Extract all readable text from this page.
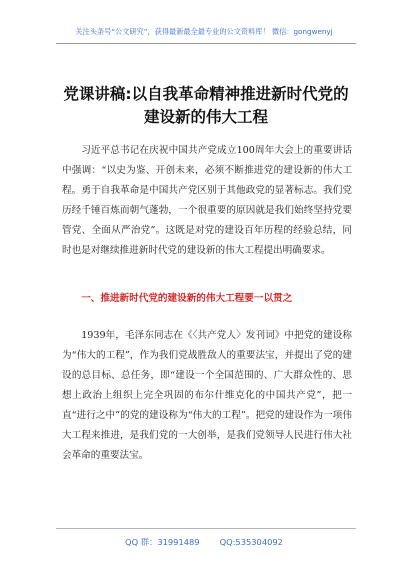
关注头条号“公文研究”，获得最新最全最专业的公文资料库！ 微信：gongwenyj
党课讲稿:以自我革命精神推进新时代党的建设新的伟大工程
习近平总书记在庆祝中国共产党成立100周年大会上的重要讲话中强调：“以史为鉴、开创未来，必须不断推进党的建设新的伟大工程。勇于自我革命是中国共产党区别于其他政党的显著标志。我们党历经千锤百炼而朝气蓬勃，一个很重要的原因就是我们始终坚持党要管党、全面从严治党”。这既是对党的建设百年历程的经验总结，同时也是对继续推进新时代党的建设新的伟大工程提出明确要求。
一、推进新时代党的建设新的伟大工程要一以贯之
1939年，毛泽东同志在《〈共产党人〉发刊词》中把党的建设称为“伟大的工程”，作为我们党战胜敌人的重要法宝，并提出了党的建设的总目标、总任务，即“建设一个全国范围的、广大群众性的、思想上政治上组织上完全巩固的布尔什维克化的中国共产党”，把一直“进行之中”的党的建设称为“伟大的工程”。把党的建设作为一项伟大工程来推进，是我们党的一大创举，是我们党领导人民进行伟大社会革命的重要法宝。
QQ 群：31991489 QQ:535304092
